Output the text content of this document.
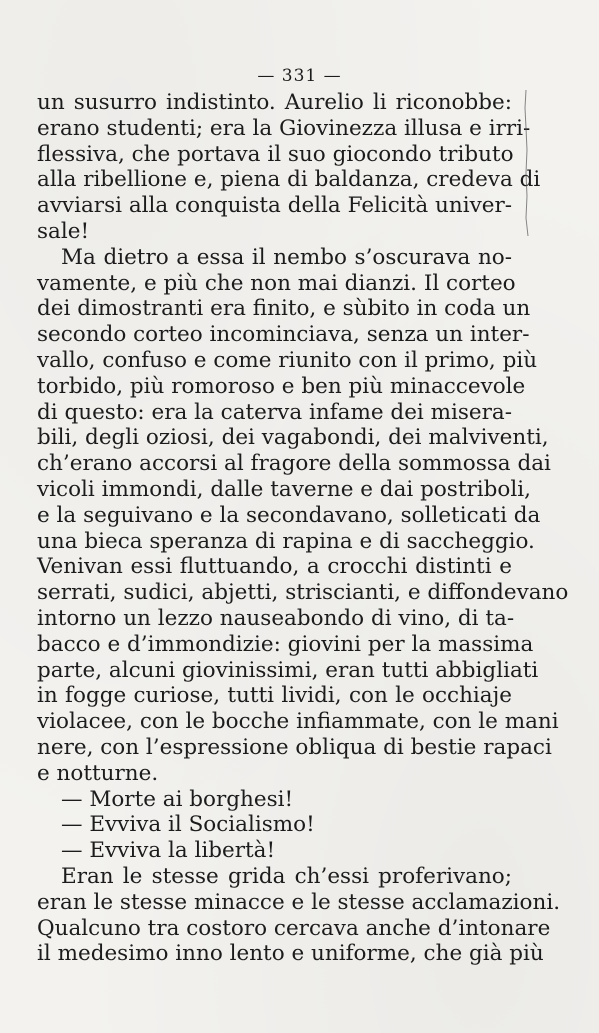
— 331 —
un susurro indistinto. Aurelio li riconobbe:
erano studenti; era la Giovinezza illusa e irri-
flessiva, che portava il suo giocondo tributo
alla ribellione e, piena di baldanza, credeva di
avviarsi alla conquista della Felicità univer-
sale!
Ma dietro a essa il nembo s’oscurava no-
vamente, e più che non mai dianzi. Il corteo
dei dimostranti era finito, e sùbito in coda un
secondo corteo incominciava, senza un inter-
vallo, confuso e come riunito con il primo, più
torbido, più romoroso e ben più minaccevole
di questo: era la caterva infame dei misera-
bili, degli oziosi, dei vagabondi, dei malviventi,
ch’erano accorsi al fragore della sommossa dai
vicoli immondi, dalle taverne e dai postriboli,
e la seguivano e la secondavano, solleticati da
una bieca speranza di rapina e di saccheggio.
Venivan essi fluttuando, a crocchi distinti e
serrati, sudici, abjetti, striscianti, e diffondevano
intorno un lezzo nauseabondo di vino, di ta-
bacco e d’immondizie: giovini per la massima
parte, alcuni giovinissimi, eran tutti abbigliati
in fogge curiose, tutti lividi, con le occhiaje
violacee, con le bocche infiammate, con le mani
nere, con l’espressione obliqua di bestie rapaci
e notturne.
— Morte ai borghesi!
— Evviva il Socialismo!
— Evviva la libertà!
Eran le stesse grida ch’essi proferivano;
eran le stesse minacce e le stesse acclamazioni.
Qualcuno tra costoro cercava anche d’intonare
il medesimo inno lento e uniforme, che già più
